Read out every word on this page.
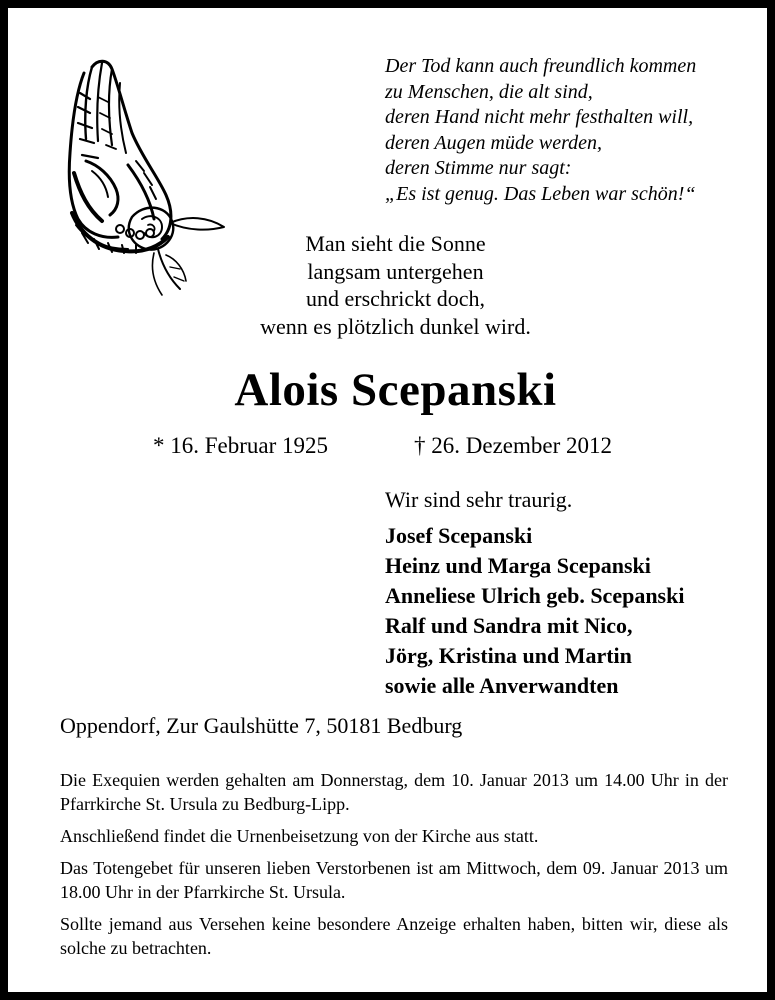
Der Tod kann auch freundlich kommen
zu Menschen, die alt sind,
deren Hand nicht mehr festhalten will,
deren Augen müde werden,
deren Stimme nur sagt:
„Es ist genug. Das Leben war schön!“
Man sieht die Sonne
langsam untergehen
und erschrickt doch,
wenn es plötzlich dunkel wird.
Alois Scepanski
* 16. Februar 1925	† 26. Dezember 2012
Wir sind sehr traurig.
Josef Scepanski
Heinz und Marga Scepanski
Anneliese Ulrich geb. Scepanski
Ralf und Sandra mit Nico,
Jörg, Kristina und Martin
sowie alle Anverwandten
Oppendorf, Zur Gaulshütte 7, 50181 Bedburg
Die Exequien werden gehalten am Donnerstag, dem 10. Januar 2013 um 14.00 Uhr in der Pfarrkirche St. Ursula zu Bedburg-Lipp.
Anschließend findet die Urnenbeisetzung von der Kirche aus statt.
Das Totengebet für unseren lieben Verstorbenen ist am Mittwoch, dem 09. Januar 2013 um 18.00 Uhr in der Pfarrkirche St. Ursula.
Sollte jemand aus Versehen keine besondere Anzeige erhalten haben, bitten wir, diese als solche zu betrachten.
